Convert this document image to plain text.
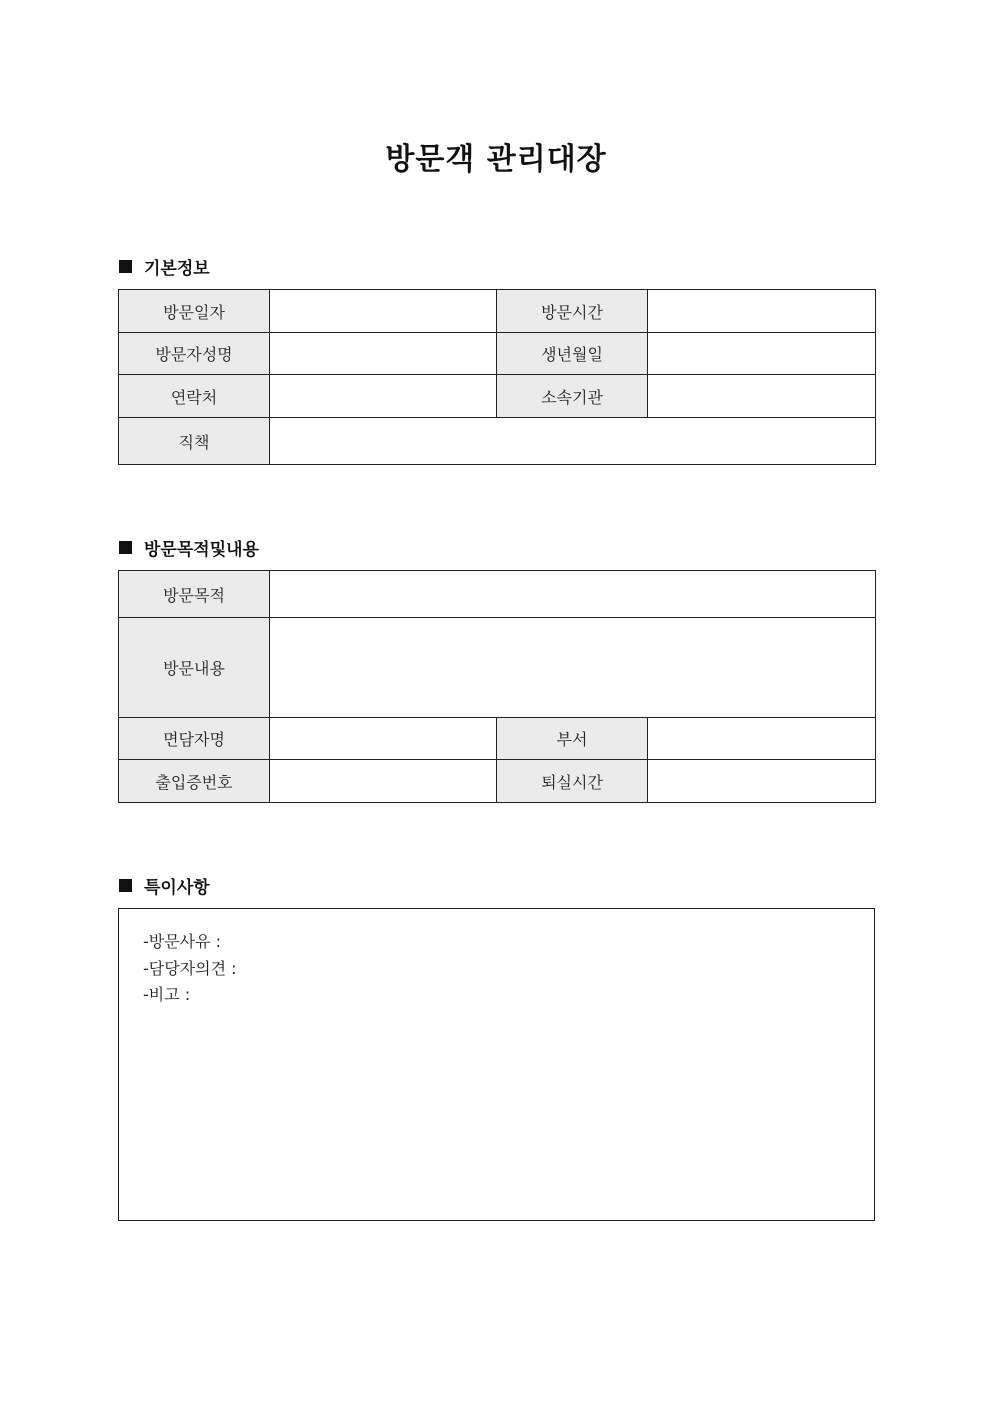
방문객 관리대장
기본정보
방문일자		방문시간	
방문자성명		생년월일	
연락처		소속기관	
직책			
방문목적및내용
방문목적			
방문내용			
면담자명		부서	
출입증번호		퇴실시간	
특이사항
-방문사유 :
-담당자의견 :
-비고 :
